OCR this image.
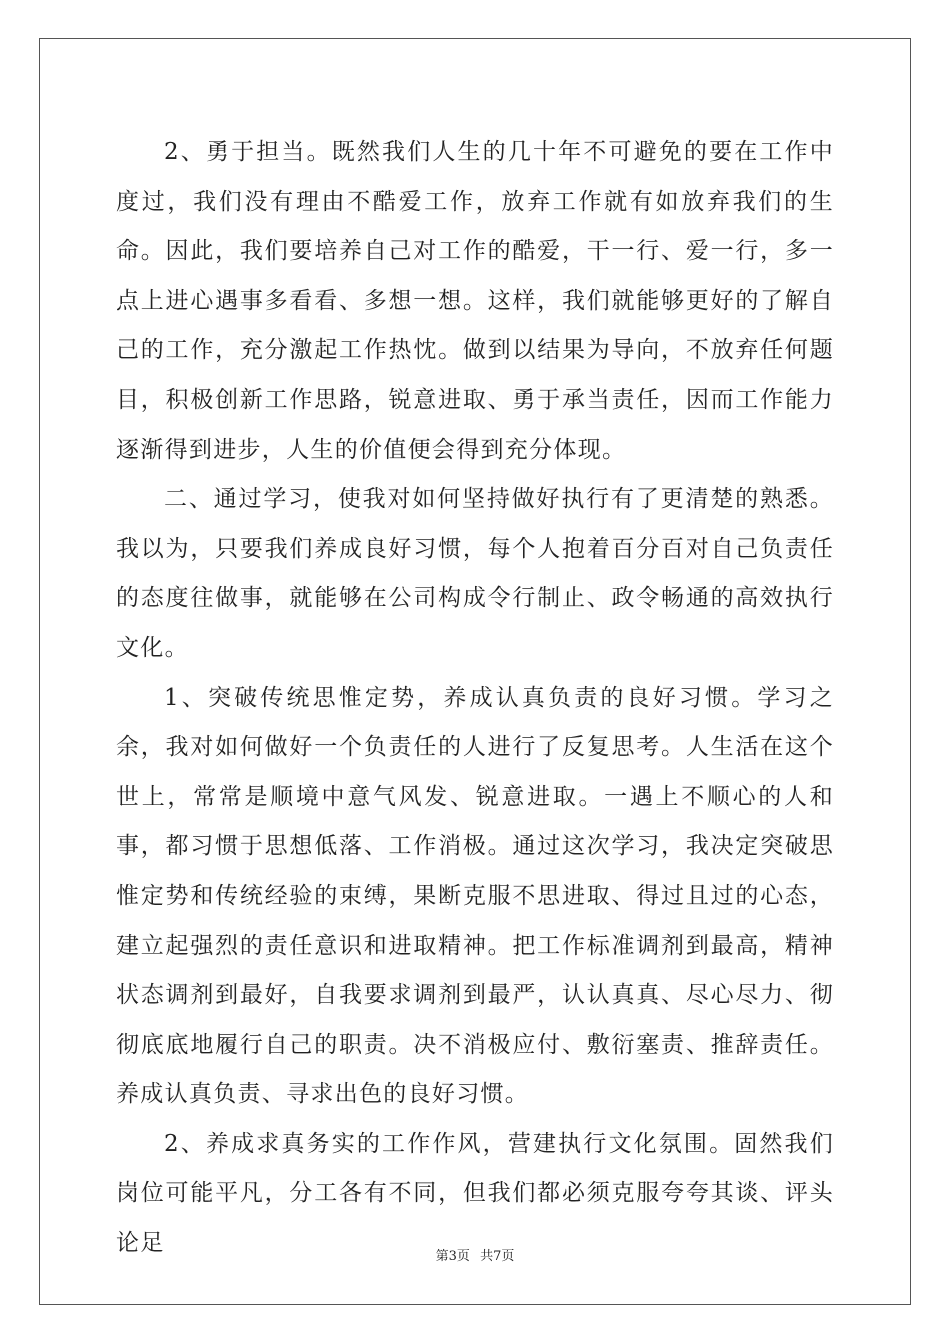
2、勇于担当。既然我们人生的几十年不可避免的要在工作中度过，我们没有理由不酷爱工作，放弃工作就有如放弃我们的生命。因此，我们要培养自己对工作的酷爱，干一行、爱一行，多一点上进心遇事多看看、多想一想。这样，我们就能够更好的了解自己的工作，充分激起工作热忱。做到以结果为导向，不放弃任何题目，积极创新工作思路，锐意进取、勇于承当责任，因而工作能力逐渐得到进步，人生的价值便会得到充分体现。

二、通过学习，使我对如何坚持做好执行有了更清楚的熟悉。我以为，只要我们养成良好习惯，每个人抱着百分百对自己负责任的态度往做事，就能够在公司构成令行制止、政令畅通的高效执行文化。

1、突破传统思惟定势，养成认真负责的良好习惯。学习之余，我对如何做好一个负责任的人进行了反复思考。人生活在这个世上，常常是顺境中意气风发、锐意进取。一遇上不顺心的人和事，都习惯于思想低落、工作消极。通过这次学习，我决定突破思惟定势和传统经验的束缚，果断克服不思进取、得过且过的心态，建立起强烈的责任意识和进取精神。把工作标准调剂到最高，精神状态调剂到最好，自我要求调剂到最严，认认真真、尽心尽力、彻彻底底地履行自己的职责。决不消极应付、敷衍塞责、推辞责任。养成认真负责、寻求出色的良好习惯。

2、养成求真务实的工作作风，营建执行文化氛围。固然我们岗位可能平凡，分工各有不同，但我们都必须克服夸夸其谈、评头论足

第3页 共7页
